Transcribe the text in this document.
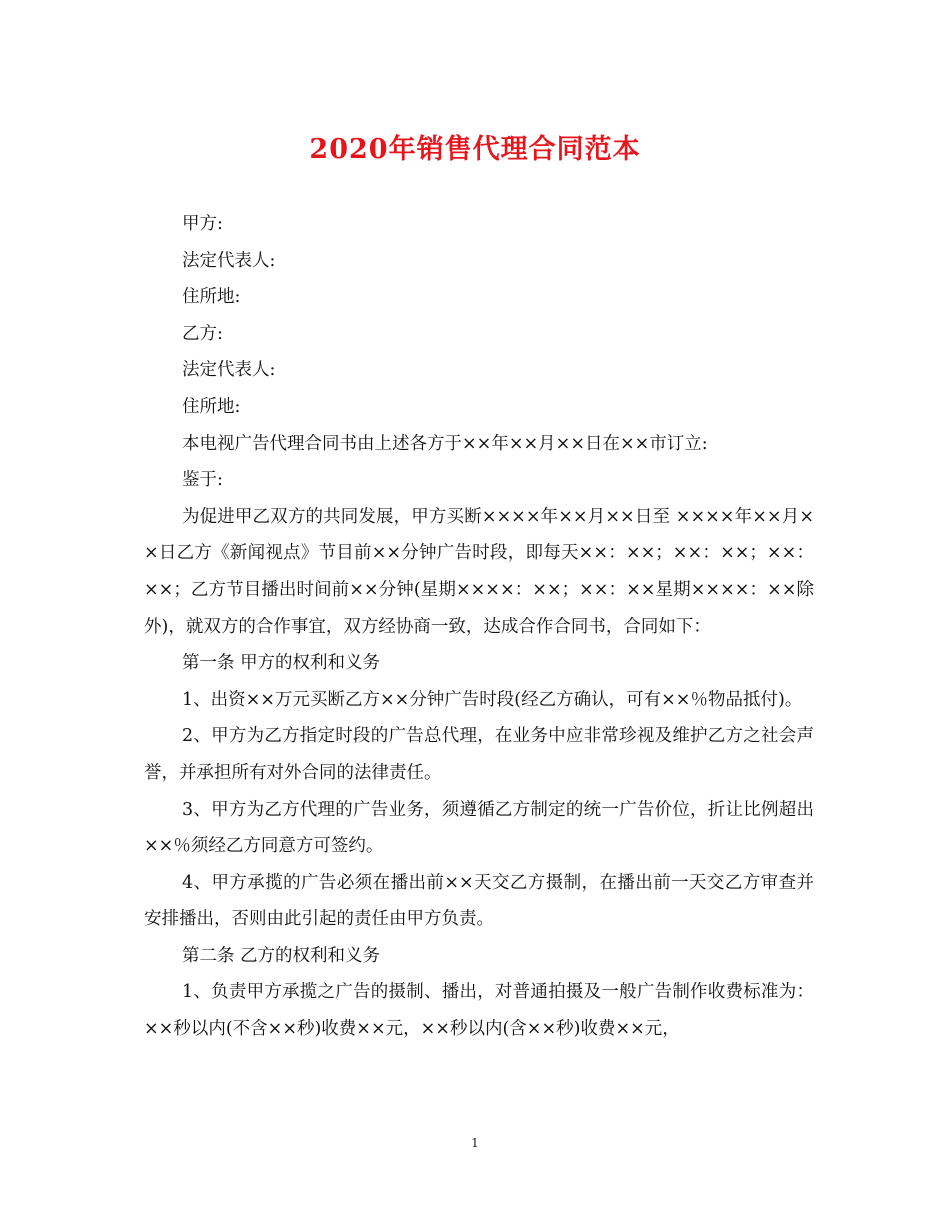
2020年销售代理合同范本

甲方:

法定代表人:

住所地:

乙方:

法定代表人:

住所地:

本电视广告代理合同书由上述各方于××年××月××日在××市订立:

鉴于:

为促进甲乙双方的共同发展，甲方买断××××年××月××日至 ××××年××月××日乙方《新闻视点》节目前××分钟广告时段，即每天××：××；××：××；××：××；乙方节目播出时间前××分钟(星期××××：××；××：××星期××××：××除外)，就双方的合作事宜，双方经协商一致，达成合作合同书，合同如下：

第一条 甲方的权利和义务

1、出资××万元买断乙方××分钟广告时段(经乙方确认，可有××％物品抵付)。

2、甲方为乙方指定时段的广告总代理，在业务中应非常珍视及维护乙方之社会声誉，并承担所有对外合同的法律责任。

3、甲方为乙方代理的广告业务，须遵循乙方制定的统一广告价位，折让比例超出××％须经乙方同意方可签约。

4、甲方承揽的广告必须在播出前××天交乙方摄制，在播出前一天交乙方审查并安排播出，否则由此引起的责任由甲方负责。

第二条 乙方的权利和义务

1、负责甲方承揽之广告的摄制、播出，对普通拍摄及一般广告制作收费标准为：××秒以内(不含××秒)收费××元，××秒以内(含××秒)收费××元，

1
